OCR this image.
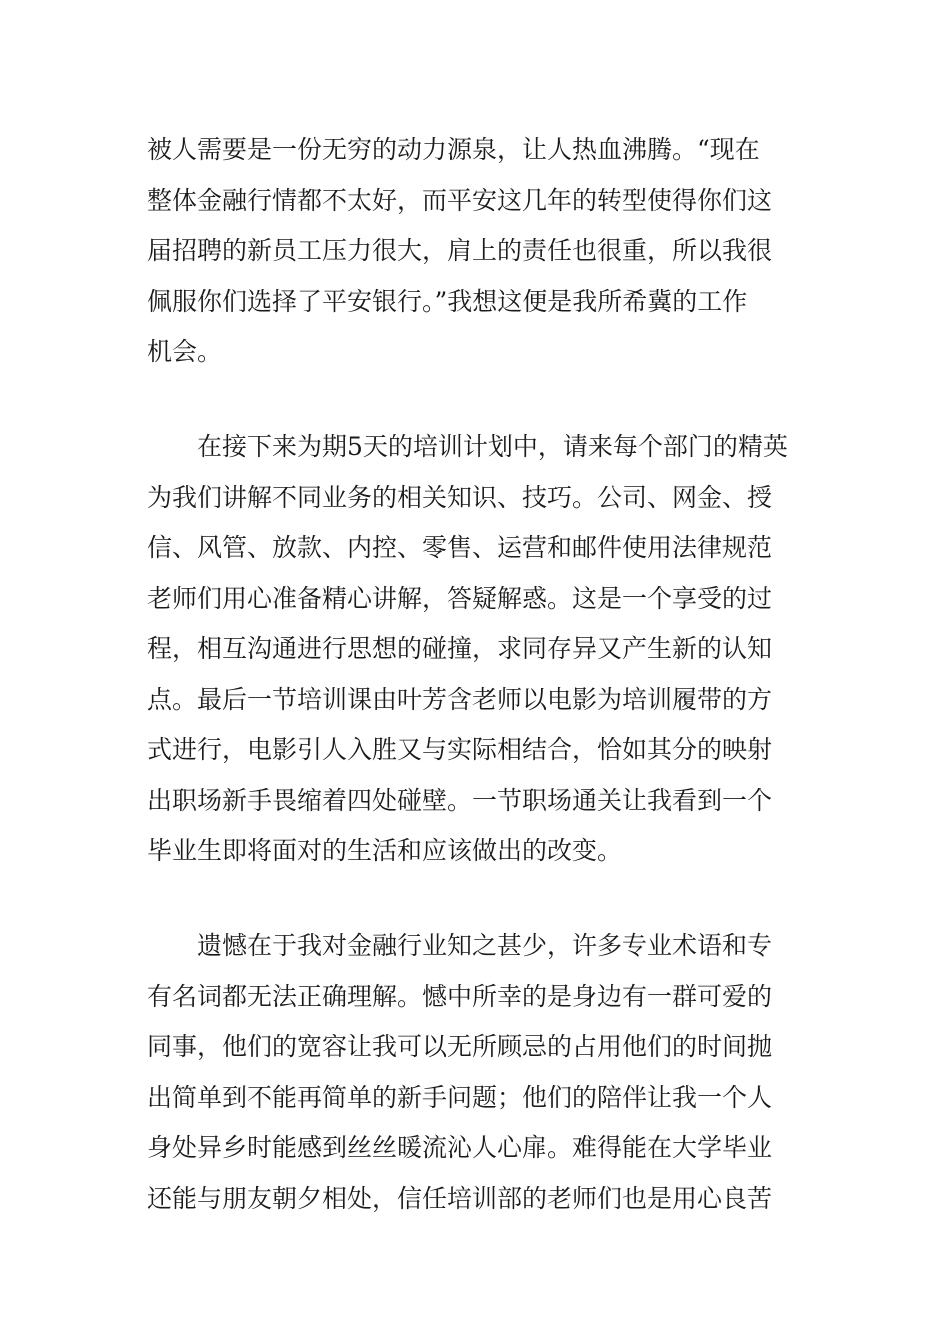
被人需要是一份无穷的动力源泉，让人热血沸腾。“现在
整体金融行情都不太好，而平安这几年的转型使得你们这
届招聘的新员工压力很大，肩上的责任也很重，所以我很
佩服你们选择了平安银行。”我想这便是我所希冀的工作
机会。
在接下来为期5天的培训计划中，请来每个部门的精英
为我们讲解不同业务的相关知识、技巧。公司、网金、授
信、风管、放款、内控、零售、运营和邮件使用法律规范
老师们用心准备精心讲解，答疑解惑。这是一个享受的过
程，相互沟通进行思想的碰撞，求同存异又产生新的认知
点。最后一节培训课由叶芳含老师以电影为培训履带的方
式进行，电影引人入胜又与实际相结合，恰如其分的映射
出职场新手畏缩着四处碰壁。一节职场通关让我看到一个
毕业生即将面对的生活和应该做出的改变。
遗憾在于我对金融行业知之甚少，许多专业术语和专
有名词都无法正确理解。憾中所幸的是身边有一群可爱的
同事，他们的宽容让我可以无所顾忌的占用他们的时间抛
出简单到不能再简单的新手问题；他们的陪伴让我一个人
身处异乡时能感到丝丝暖流沁人心扉。难得能在大学毕业
还能与朋友朝夕相处，信任培训部的老师们也是用心良苦
